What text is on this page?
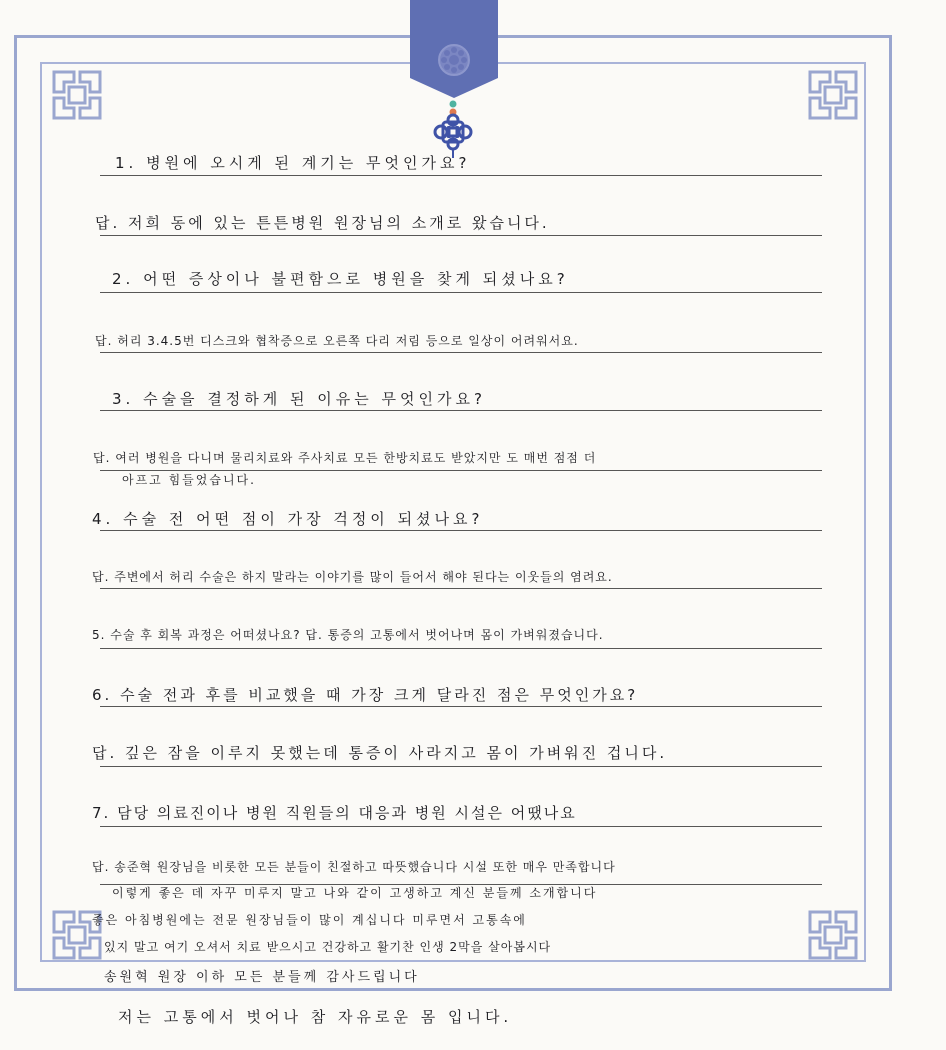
1. 병원에 오시게 된 계기는 무엇인가요?
답. 저희 동에 있는 튼튼병원 원장님의 소개로 왔습니다.
2. 어떤 증상이나 불편함으로 병원을 찾게 되셨나요?
답. 허리 3.4.5번 디스크와 협착증으로 오른쪽 다리 저림 등으로 일상이 어려워서요.
3. 수술을 결정하게 된 이유는 무엇인가요?
답. 여러 병원을 다니며 물리치료와 주사치료 모든 한방치료도 받았지만 도 매번 점점 더
아프고 힘들었습니다.
4. 수술 전 어떤 점이 가장 걱정이 되셨나요?
답. 주변에서 허리 수술은 하지 말라는 이야기를 많이 들어서 해야 된다는 이웃들의 염려요.
5. 수술 후 회복 과정은 어떠셨나요? 답. 통증의 고통에서 벗어나며 몸이 가벼워졌습니다.
6. 수술 전과 후를 비교했을 때 가장 크게 달라진 점은 무엇인가요?
답. 깊은 잠을 이루지 못했는데 통증이 사라지고 몸이 가벼워진 겁니다.
7. 담당 의료진이나 병원 직원들의 대응과 병원 시설은 어땠나요
답. 송준혁 원장님을 비롯한 모든 분들이 친절하고 따뜻했습니다 시설 또한 매우 만족합니다
이렇게 좋은 데 자꾸 미루지 말고 나와 같이 고생하고 계신 분들께 소개합니다
좋은 아침병원에는 전문 원장님들이 많이 계십니다 미루면서 고통속에
있지 말고 여기 오셔서 치료 받으시고 건강하고 활기찬 인생 2막을 살아봅시다
송원혁 원장 이하 모든 분들께 감사드립니다
저는 고통에서 벗어나 참 자유로운 몸 입니다.
